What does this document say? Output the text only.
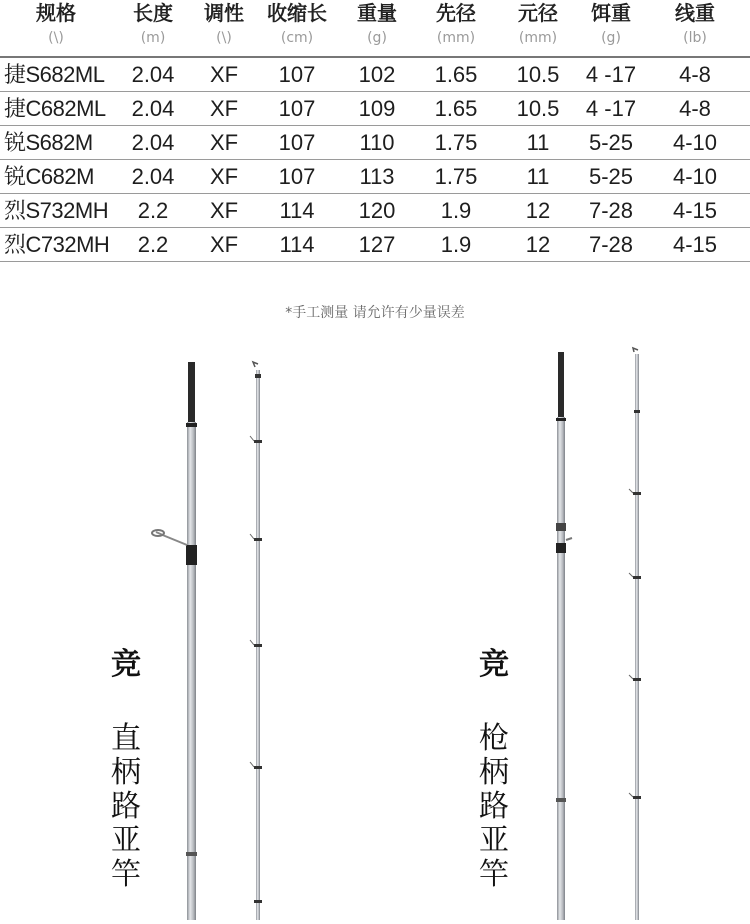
规格
(\)
长度
(m)
调性
(\)
收缩长
(cm)
重量
(g)
先径
(mm)
元径
(mm)
饵重
(g)
线重
(lb)
捷S682ML 2.04 XF 107 102 1.65 10.5 4 -17 4-8
捷C682ML 2.04 XF 107 109 1.65 10.5 4 -17 4-8
锐S682M 2.04 XF 107 110 1.75 11 5-25 4-10
锐C682M 2.04 XF 107 113 1.75 11 5-25 4-10
烈S732MH 2.2 XF 114 120 1.9 12 7-28 4-15
烈C732MH 2.2 XF 114 127 1.9 12 7-28 4-15
*手工测量 请允许有少量误差
竞
直
柄
路
亚
竿
竞
枪
柄
路
亚
竿
